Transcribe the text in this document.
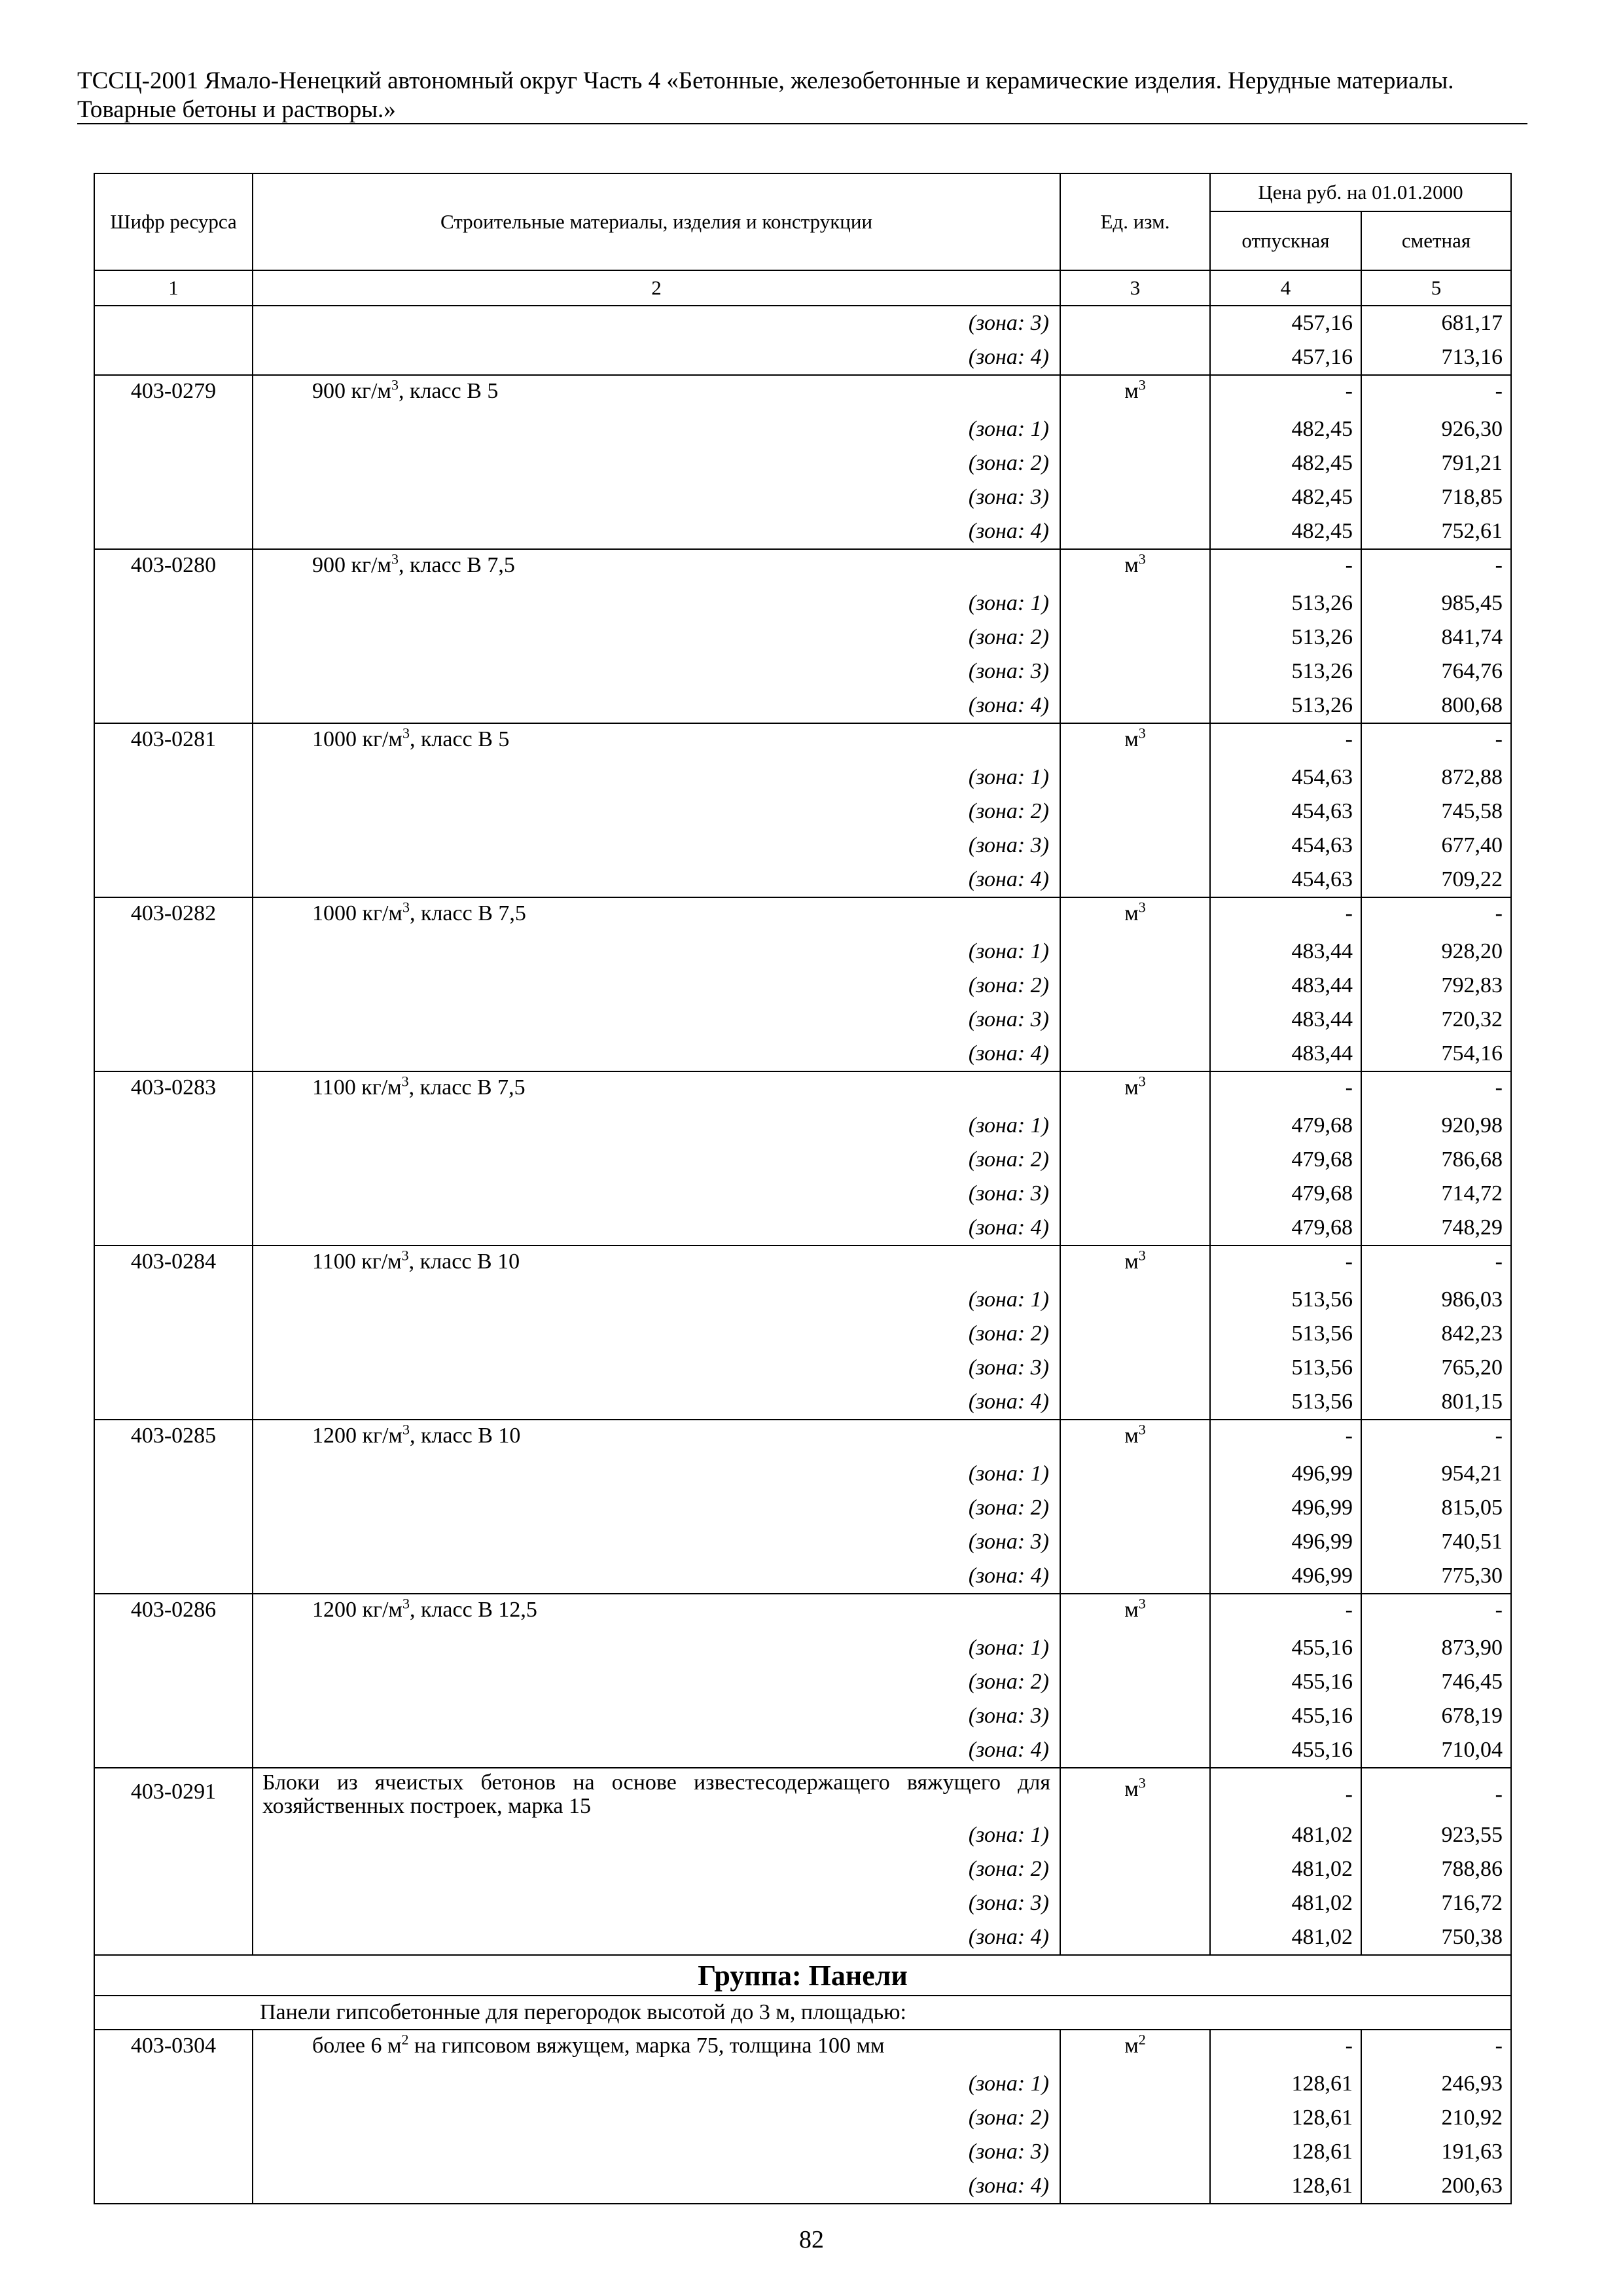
ТССЦ-2001 Ямало-Ненецкий автономный округ Часть 4 «Бетонные, железобетонные и керамические изделия. Нерудные материалы.
Товарные бетоны и растворы.»
Шифр ресурса	Строительные материалы, изделия и конструкции	Ед. изм.	Цена руб. на 01.01.2000	
			отпускная	сметная
1	2	3	4	5
	(зона: 3)		457,16	681,17
	(зона: 4)		457,16	713,16
403-0279	900 $кг/м^3$, класс В 5	$м^3$	-	-
	(зона: 1)		482,45	926,30
	(зона: 2)		482,45	791,21
	(зона: 3)		482,45	718,85
	(зона: 4)		482,45	752,61
403-0280	900 $кг/м^3$, класс В 7,5	$м^3$	-	-
	(зона: 1)		513,26	985,45
	(зона: 2)		513,26	841,74
	(зона: 3)		513,26	764,76
	(зона: 4)		513,26	800,68
403-0281	1000 $кг/м^3$, класс В 5	$м^3$	-	-
	(зона: 1)		454,63	872,88
	(зона: 2)		454,63	745,58
	(зона: 3)		454,63	677,40
	(зона: 4)		454,63	709,22
403-0282	1000 $кг/м^3$, класс В 7,5	$м^3$	-	-
	(зона: 1)		483,44	928,20
	(зона: 2)		483,44	792,83
	(зона: 3)		483,44	720,32
	(зона: 4)		483,44	754,16
403-0283	1100 $кг/м^3$, класс В 7,5	$м^3$	-	-
	(зона: 1)		479,68	920,98
	(зона: 2)		479,68	786,68
	(зона: 3)		479,68	714,72
	(зона: 4)		479,68	748,29
403-0284	1100 $кг/м^3$, класс В 10	$м^3$	-	-
	(зона: 1)		513,56	986,03
	(зона: 2)		513,56	842,23
	(зона: 3)		513,56	765,20
	(зона: 4)		513,56	801,15
403-0285	1200 $кг/м^3$, класс В 10	$м^3$	-	-
	(зона: 1)		496,99	954,21
	(зона: 2)		496,99	815,05
	(зона: 3)		496,99	740,51
	(зона: 4)		496,99	775,30
403-0286	1200 $кг/м^3$, класс В 12,5	$м^3$	-	-
	(зона: 1)		455,16	873,90
	(зона: 2)		455,16	746,45
	(зона: 3)		455,16	678,19
	(зона: 4)		455,16	710,04
403-0291	Блоки из ячеистых бетонов на основе известесодержащего вяжущего для хозяйственных построек, марка 15	$м^3$	-	-
	(зона: 1)		481,02	923,55
	(зона: 2)		481,02	788,86
	(зона: 3)		481,02	716,72
	(зона: 4)		481,02	750,38
Группа: Панели				
Панели гипсобетонные для перегородок высотой до 3 м, площадью:				
403-0304	более 6 $м^2$ на гипсовом вяжущем, марка 75, толщина 100 мм	$м^2$	-	-
	(зона: 1)		128,61	246,93
	(зона: 2)		128,61	210,92
	(зона: 3)		128,61	191,63
	(зона: 4)		128,61	200,63
82
